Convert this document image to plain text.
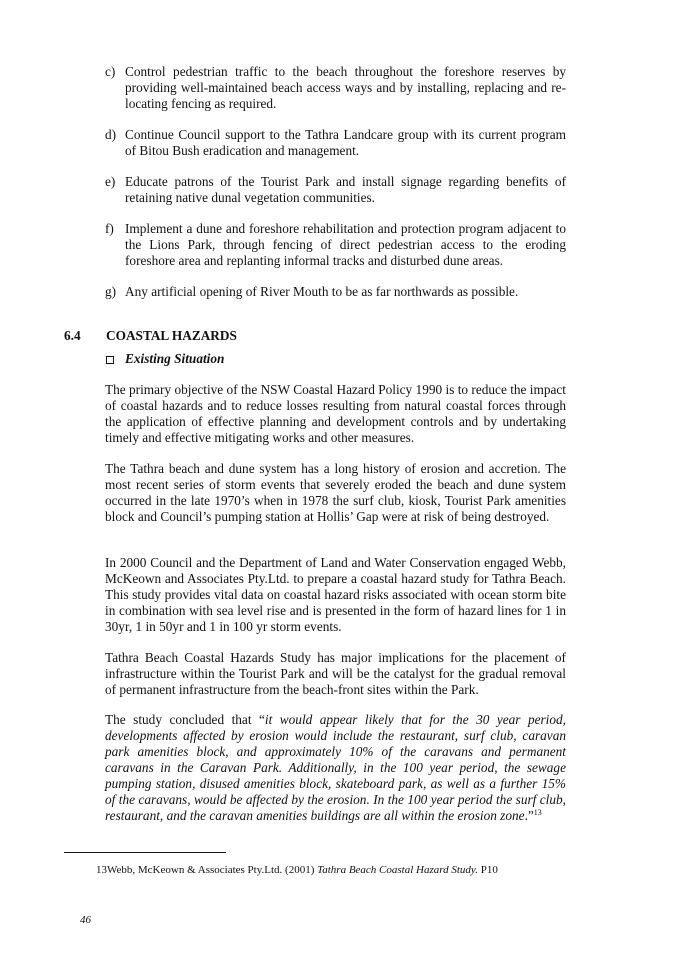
c) Control pedestrian traffic to the beach throughout the foreshore reserves by providing well-maintained beach access ways and by installing, replacing and re-locating fencing as required.
d) Continue Council support to the Tathra Landcare group with its current program of Bitou Bush eradication and management.
e) Educate patrons of the Tourist Park and install signage regarding benefits of retaining native dunal vegetation communities.
f) Implement a dune and foreshore rehabilitation and protection program adjacent to the Lions Park, through fencing of direct pedestrian access to the eroding foreshore area and replanting informal tracks and disturbed dune areas.
g) Any artificial opening of River Mouth to be as far northwards as possible.
6.4 COASTAL HAZARDS
Existing Situation
The primary objective of the NSW Coastal Hazard Policy 1990 is to reduce the impact of coastal hazards and to reduce losses resulting from natural coastal forces through the application of effective planning and development controls and by undertaking timely and effective mitigating works and other measures.
The Tathra beach and dune system has a long history of erosion and accretion. The most recent series of storm events that severely eroded the beach and dune system occurred in the late 1970’s when in 1978 the surf club, kiosk, Tourist Park amenities block and Council’s pumping station at Hollis’ Gap were at risk of being destroyed.
In 2000 Council and the Department of Land and Water Conservation engaged Webb, McKeown and Associates Pty.Ltd. to prepare a coastal hazard study for Tathra Beach. This study provides vital data on coastal hazard risks associated with ocean storm bite in combination with sea level rise and is presented in the form of hazard lines for 1 in 30yr, 1 in 50yr and 1 in 100 yr storm events.
Tathra Beach Coastal Hazards Study has major implications for the placement of infrastructure within the Tourist Park and will be the catalyst for the gradual removal of permanent infrastructure from the beach-front sites within the Park.
The study concluded that “it would appear likely that for the 30 year period, developments affected by erosion would include the restaurant, surf club, caravan park amenities block, and approximately 10% of the caravans and permanent caravans in the Caravan Park. Additionally, in the 100 year period, the sewage pumping station, disused amenities block, skateboard park, as well as a further 15% of the caravans, would be affected by the erosion. In the 100 year period the surf club, restaurant, and the caravan amenities buildings are all within the erosion zone.”$^{13}$
13Webb, McKeown & Associates Pty.Ltd. (2001) Tathra Beach Coastal Hazard Study. P10
46
